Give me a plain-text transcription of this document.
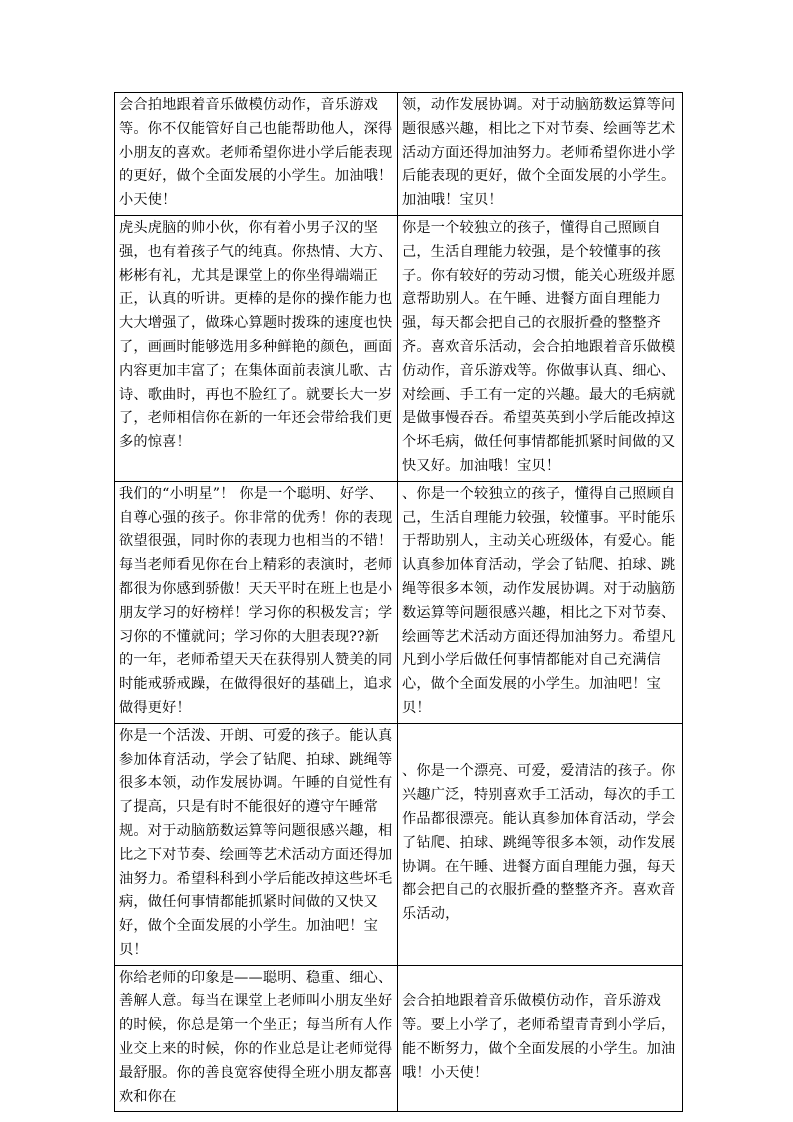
会合拍地跟着音乐做模仿动作，音乐游戏等。你不仅能管好自己也能帮助他人，深得小朋友的喜欢。老师希望你进小学后能表现的更好，做个全面发展的小学生。加油哦！小天使！	领，动作发展协调。对于动脑筋数运算等问题很感兴趣，相比之下对节奏、绘画等艺术活动方面还得加油努力。老师希望你进小学后能表现的更好，做个全面发展的小学生。加油哦！宝贝！
虎头虎脑的帅小伙，你有着小男子汉的坚强，也有着孩子气的纯真。你热情、大方、彬彬有礼，尤其是课堂上的你坐得端端正正，认真的听讲。更棒的是你的操作能力也大大增强了，做珠心算题时拨珠的速度也快了，画画时能够选用多种鲜艳的颜色，画面内容更加丰富了；在集体面前表演儿歌、古诗、歌曲时，再也不脸红了。就要长大一岁了，老师相信你在新的一年还会带给我们更多的惊喜！	你是一个较独立的孩子，懂得自己照顾自己，生活自理能力较强，是个较懂事的孩子。你有较好的劳动习惯，能关心班级并愿意帮助别人。在午睡、进餐方面自理能力强，每天都会把自己的衣服折叠的整整齐齐。喜欢音乐活动，会合拍地跟着音乐做模仿动作，音乐游戏等。你做事认真、细心、对绘画、手工有一定的兴趣。最大的毛病就是做事慢吞吞。希望英英到小学后能改掉这个坏毛病，做任何事情都能抓紧时间做的又快又好。加油哦！宝贝！
我们的“小明星”！ 你是一个聪明、好学、自尊心强的孩子。你非常的优秀！你的表现欲望很强，同时你的表现力也相当的不错！每当老师看见你在台上精彩的表演时，老师都很为你感到骄傲！天天平时在班上也是小朋友学习的好榜样！学习你的积极发言；学习你的不懂就问；学习你的大胆表现??新的一年，老师希望天天在获得别人赞美的同时能戒骄戒躁，在做得很好的基础上，追求做得更好！	、你是一个较独立的孩子，懂得自己照顾自己，生活自理能力较强，较懂事。平时能乐于帮助别人，主动关心班级体，有爱心。能认真参加体育活动，学会了钻爬、拍球、跳绳等很多本领，动作发展协调。对于动脑筋数运算等问题很感兴趣，相比之下对节奏、绘画等艺术活动方面还得加油努力。希望凡凡到小学后做任何事情都能对自己充满信心，做个全面发展的小学生。加油吧！宝贝！
你是一个活泼、开朗、可爱的孩子。能认真参加体育活动，学会了钻爬、拍球、跳绳等很多本领，动作发展协调。午睡的自觉性有了提高，只是有时不能很好的遵守午睡常规。对于动脑筋数运算等问题很感兴趣，相比之下对节奏、绘画等艺术活动方面还得加油努力。希望科科到小学后能改掉这些坏毛病，做任何事情都能抓紧时间做的又快又好，做个全面发展的小学生。加油吧！宝贝！	、你是一个漂亮、可爱，爱清洁的孩子。你兴趣广泛，特别喜欢手工活动，每次的手工作品都很漂亮。能认真参加体育活动，学会了钻爬、拍球、跳绳等很多本领，动作发展协调。在午睡、进餐方面自理能力强，每天都会把自己的衣服折叠的整整齐齐。喜欢音乐活动，
你给老师的印象是——聪明、稳重、细心、善解人意。每当在课堂上老师叫小朋友坐好的时候，你总是第一个坐正；每当所有人作业交上来的时候，你的作业总是让老师觉得最舒服。你的善良宽容使得全班小朋友都喜欢和你在	会合拍地跟着音乐做模仿动作，音乐游戏等。要上小学了，老师希望青青到小学后，能不断努力，做个全面发展的小学生。加油哦！小天使！
